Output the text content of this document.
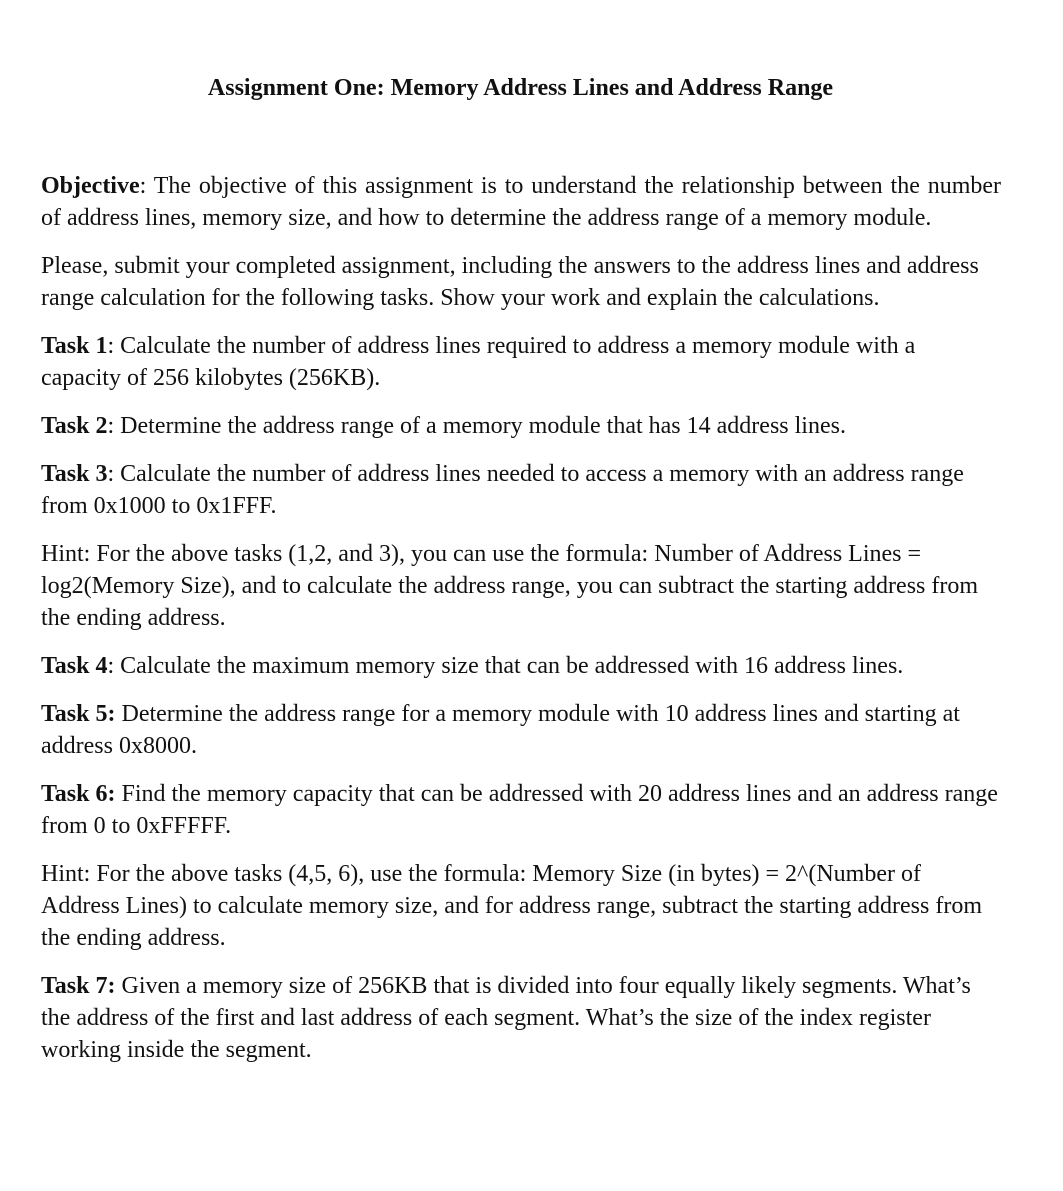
Assignment One: Memory Address Lines and Address Range

Objective: The objective of this assignment is to understand the relationship between the number of address lines, memory size, and how to determine the address range of a memory module.

Please, submit your completed assignment, including the answers to the address lines and address range calculation for the following tasks. Show your work and explain the calculations.

Task 1: Calculate the number of address lines required to address a memory module with a capacity of 256 kilobytes (256KB).

Task 2: Determine the address range of a memory module that has 14 address lines.

Task 3: Calculate the number of address lines needed to access a memory with an address range from 0x1000 to 0x1FFF.

Hint: For the above tasks (1,2, and 3), you can use the formula: Number of Address Lines = log2(Memory Size), and to calculate the address range, you can subtract the starting address from the ending address.

Task 4: Calculate the maximum memory size that can be addressed with 16 address lines.

Task 5: Determine the address range for a memory module with 10 address lines and starting at address 0x8000.

Task 6: Find the memory capacity that can be addressed with 20 address lines and an address range from 0 to 0xFFFFF.

Hint: For the above tasks (4,5, 6), use the formula: Memory Size (in bytes) = 2^(Number of Address Lines) to calculate memory size, and for address range, subtract the starting address from the ending address.

Task 7: Given a memory size of 256KB that is divided into four equally likely segments. What’s the address of the first and last address of each segment. What’s the size of the index register working inside the segment.
